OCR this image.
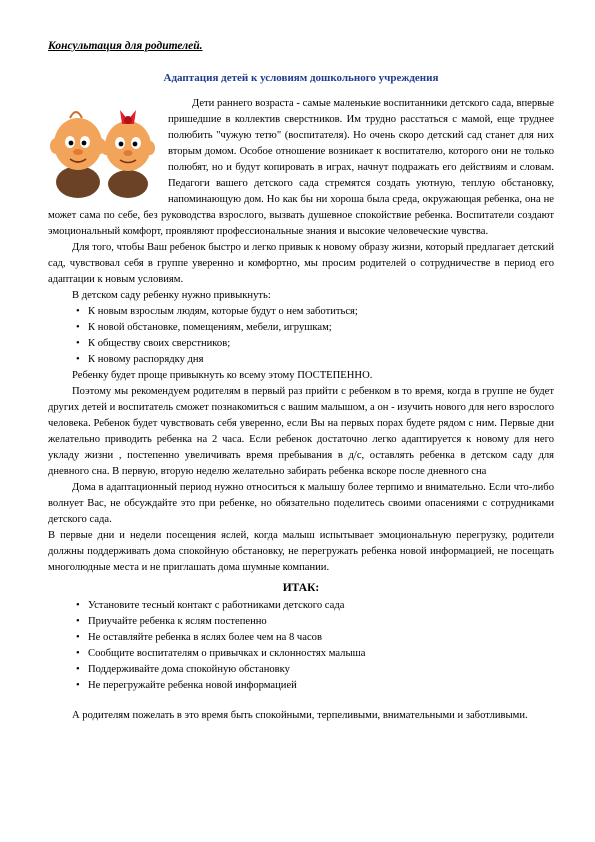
Консультация для родителей.
Адаптация детей к условиям дошкольного учреждения

Дети раннего возраста - самые маленькие воспитанники детского сада, впервые пришедшие в коллектив сверстников. Им трудно расстаться с мамой, еще труднее полюбить "чужую тетю" (воспитателя). Но очень скоро детский сад станет для них вторым домом. Особое отношение возникает к воспитателю, которого они не только полюбят, но и будут копировать в играх, начнут подражать его действиям и словам. Педагоги вашего детского сада стремятся создать уютную, теплую обстановку, напоминающую дом. Но как бы ни хороша была среда, окружающая ребенка, она не может сама по себе, без руководства взрослого, вызвать душевное спокойствие ребенка. Воспитатели создают эмоциональный комфорт, проявляют профессиональные знания и высокие человеческие чувства.

Для того, чтобы Ваш ребенок быстро и легко привык к новому образу жизни, который предлагает детский сад, чувствовал себя в группе уверенно и комфортно, мы просим родителей о сотрудничестве в период его адаптации к новым условиям.

В детском саду ребенку нужно привыкнуть:

• К новым взрослым людям, которые будут о нем заботиться;
• К новой обстановке, помещениям, мебели, игрушкам;
• К обществу своих сверстников;
• К новому распорядку дня

Ребенку будет проще привыкнуть ко всему этому ПОСТЕПЕННО.

Поэтому мы рекомендуем родителям в первый раз прийти с ребенком в то время, когда в группе не будет других детей и воспитатель сможет познакомиться с вашим малышом, а он - изучить нового для него взрослого человека. Ребенок будет чувствовать себя уверенно, если Вы на первых порах будете рядом с ним. Первые дни желательно приводить ребенка на 2 часа. Если ребенок достаточно легко адаптируется к новому для него укладу жизни , постепенно увеличивать время пребывания в д/с, оставлять ребенка в детском саду для дневного сна. В первую, вторую неделю желательно забирать ребенка вскоре после дневного сна

Дома в адаптационный период нужно относиться к малышу более терпимо и внимательно. Если что-либо волнует Вас, не обсуждайте это при ребенке, но обязательно поделитесь своими опасениями с сотрудниками детского сада.

В первые дни и недели посещения яслей, когда малыш испытывает эмоциональную перегрузку, родители должны поддерживать дома спокойную обстановку, не перегружать ребенка новой информацией, не посещать многолюдные места и не приглашать дома шумные компании.

ИТАК:
• Установите тесный контакт с работниками детского сада
• Приучайте ребенка к яслям постепенно
• Не оставляйте ребенка в яслях более чем на 8 часов
• Сообщите воспитателям о привычках и склонностях малыша
• Поддерживайте дома спокойную обстановку
• Не перегружайте ребенка новой информацией

А родителям пожелать в это время быть спокойными, терпеливыми, внимательными и заботливыми.
